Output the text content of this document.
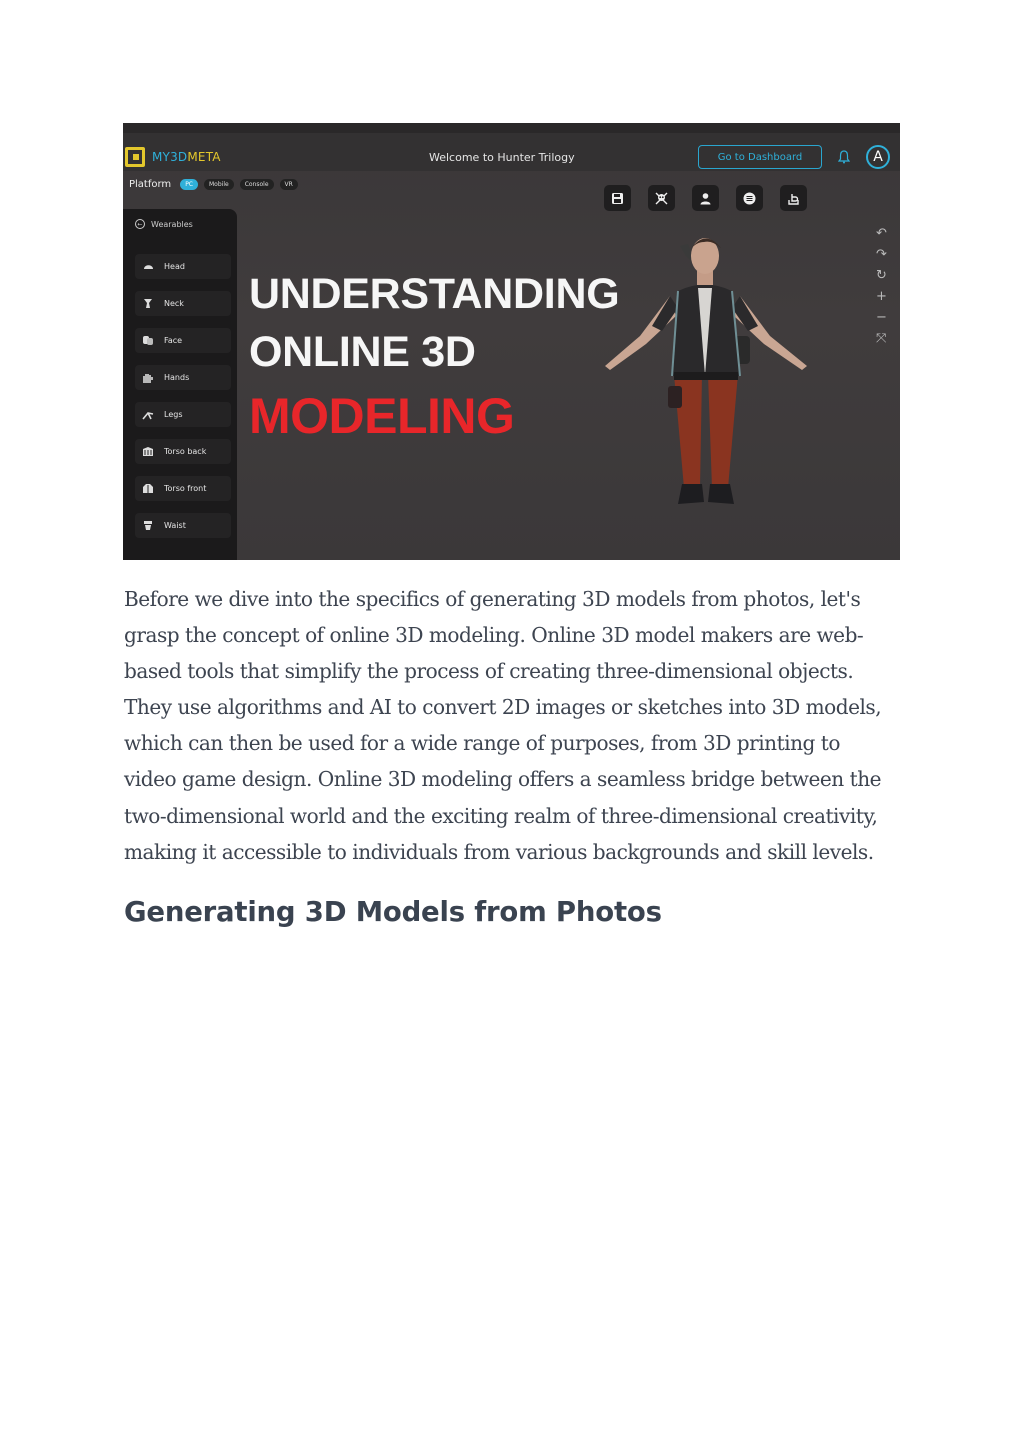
MY3DMETA	Welcome to Hunter Trilogy	Go to Dashboard	A
Platform	PC	Mobile	Console	VR
↶
↷
↻
+
−
⤧
←	Wearables
Head
Neck
Face
Hands
Legs
Torso back
Torso front
Waist
UNDERSTANDING
ONLINE 3D
MODELING
Before we dive into the specifics of generating 3D models from photos, let's
grasp the concept of online 3D modeling. Online 3D model makers are web-
based tools that simplify the process of creating three-dimensional objects.
They use algorithms and AI to convert 2D images or sketches into 3D models,
which can then be used for a wide range of purposes, from 3D printing to
video game design. Online 3D modeling offers a seamless bridge between the
two-dimensional world and the exciting realm of three-dimensional creativity,
making it accessible to individuals from various backgrounds and skill levels.
Generating 3D Models from Photos
